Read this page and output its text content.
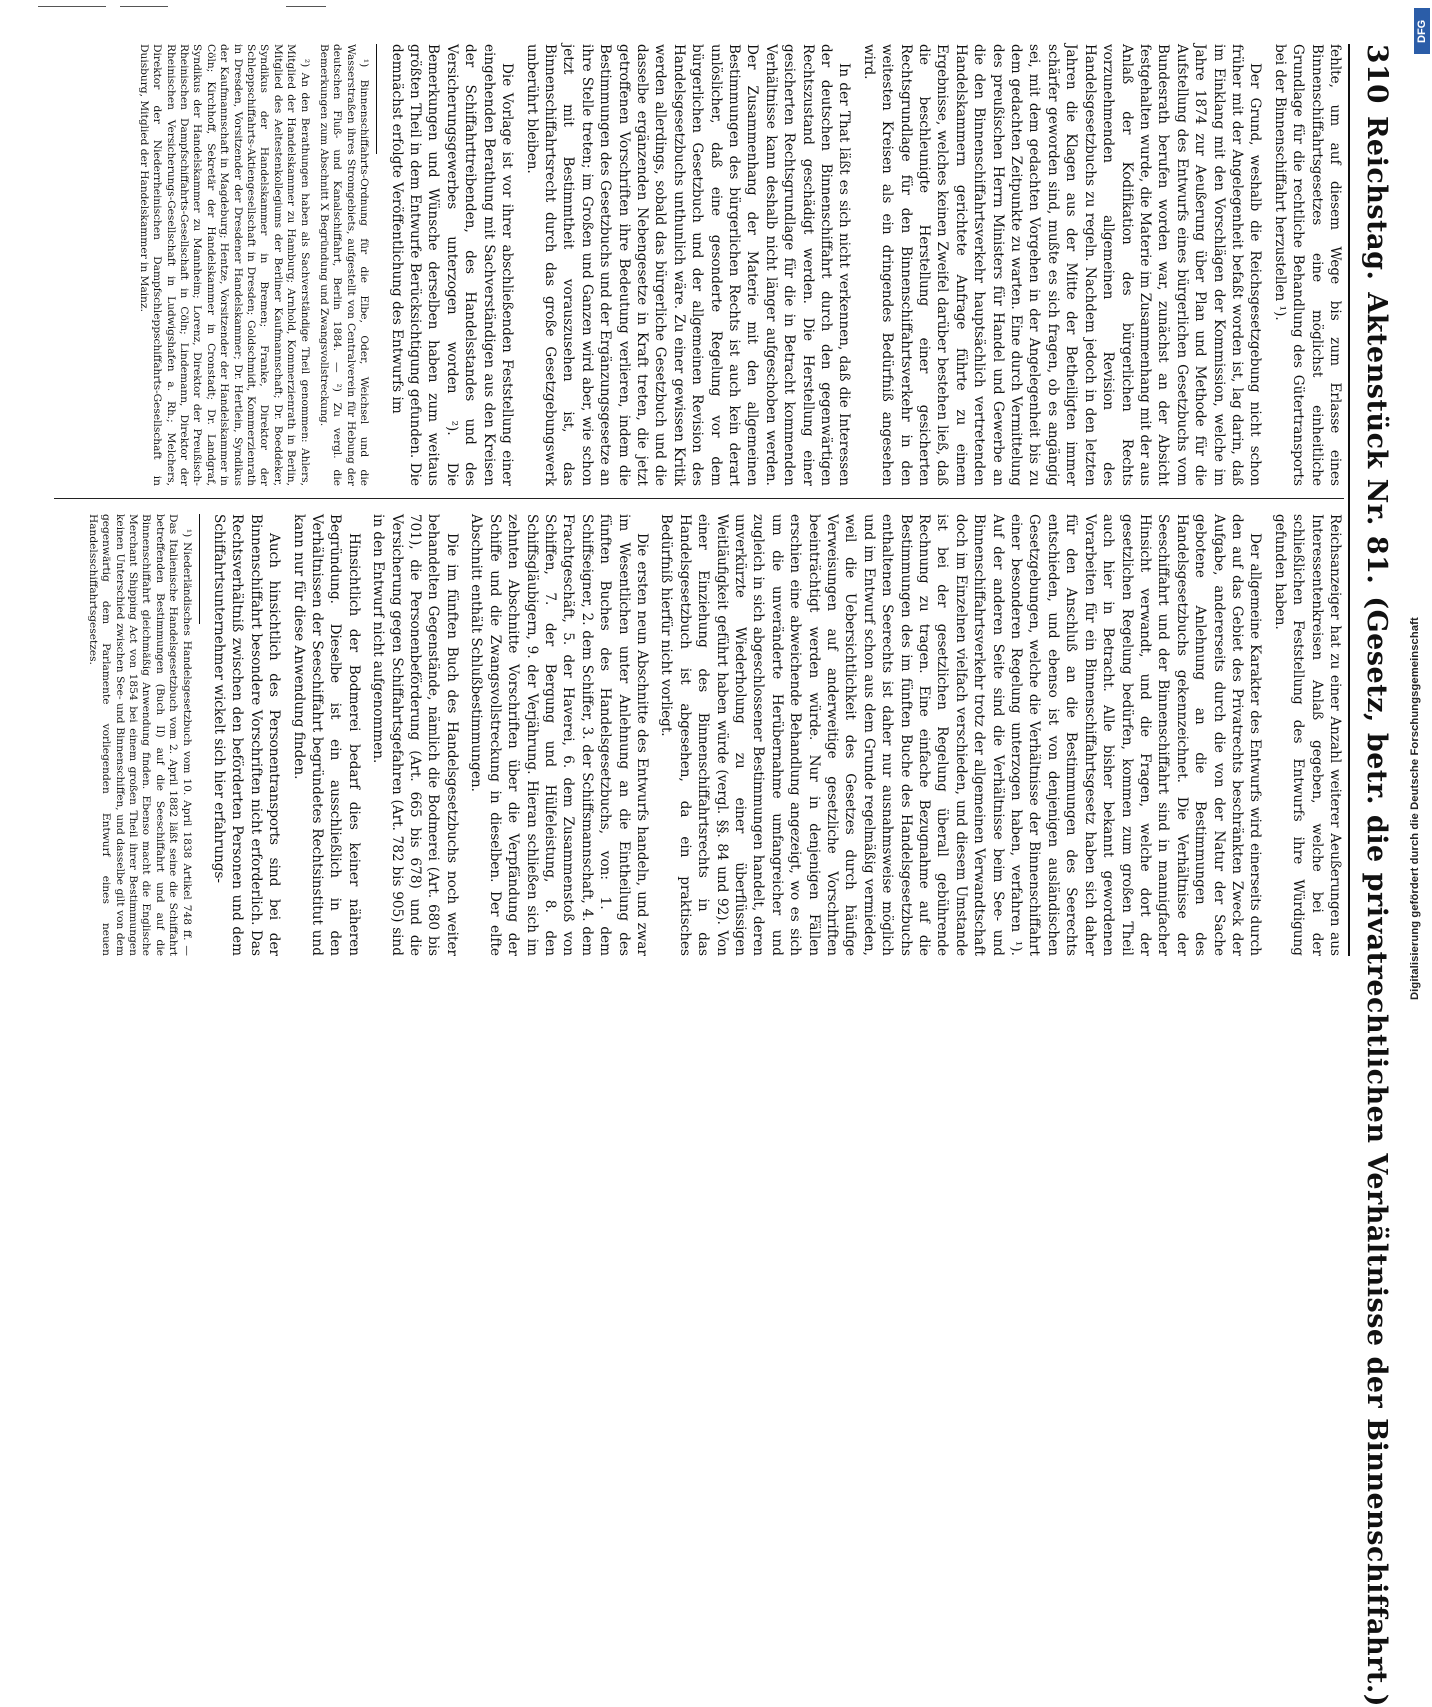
310
Reichstag.
Aktenstück Nr. 81.
(Gesetz, betr. die privatrechtlichen Verhältnisse der Binnenschiffahrt.)

fehlte, um auf diesem Wege bis zum Erlasse eines Binnenschiffahrtsgesetzes eine möglichst einheitliche Grundlage für die rechtliche Behandlung des Gütertransports bei der Binnenschiffahrt herzustellen ¹).

Der Grund, weshalb die Reichsgesetzgebung nicht schon früher mit der Angelegenheit befaßt worden ist, lag darin, daß im Einklang mit den Vorschlägen der Kommission, welche im Jahre 1874 zur Aeußerung über Plan und Methode für die Aufstellung des Entwurfs eines bürgerlichen Gesetzbuchs vom Bundesrath berufen worden war, zunächst an der Absicht festgehalten wurde, die Materie im Zusammenhang mit der aus Anlaß der Kodifikation des bürgerlichen Rechts vorzunehmenden allgemeinen Revision des Handelsgesetzbuchs zu regeln. Nachdem jedoch in den letzten Jahren die Klagen aus der Mitte der Betheiligten immer schärfer geworden sind, mußte es sich fragen, ob es angängig sei, mit dem gedachten Vorgehen in der Angelegenheit bis zu dem gedachten Zeitpunkte zu warten. Eine durch Vermittelung des preußischen Herrn Ministers für Handel und Gewerbe an die den Binnenschiffahrtsverkehr hauptsächlich vertretenden Handelskammern gerichtete Anfrage führte zu einem Ergebnisse, welches keinen Zweifel darüber bestehen ließ, daß die beschleunigte Herstellung einer gesicherten Rechtsgrundlage für den Binnenschiffahrtsverkehr in den weitesten Kreisen als ein dringendes Bedürfniß angesehen wird.

In der That läßt es sich nicht verkennen, daß die Interessen der deutschen Binnenschiffahrt durch den gegenwärtigen Rechtszustand geschädigt werden. Die Herstellung einer gesicherten Rechtsgrundlage für die in Betracht kommenden Verhältnisse kann deshalb nicht länger aufgeschoben werden. Der Zusammenhang der Materie mit den allgemeinen Bestimmungen des bürgerlichen Rechts ist auch kein derart unlöslicher, daß eine gesonderte Regelung vor dem bürgerlichen Gesetzbuch und der allgemeinen Revision des Handelsgesetzbuchs unthunlich wäre. Zu einer gewissen Kritik werden allerdings, sobald das bürgerliche Gesetzbuch und die dasselbe ergänzenden Nebengesetze in Kraft treten, die jetzt getroffenen Vorschriften ihre Bedeutung verlieren, indem die Bestimmungen des Gesetzbuchs und der Ergänzungsgesetze an ihre Stelle treten; im Großen und Ganzen wird aber, wie schon jetzt mit Bestimmtheit vorauszusehen ist, das Binnenschiffahrtsrecht durch das große Gesetzgebungswerk unberührt bleiben.

Die Vorlage ist vor ihrer abschließenden Feststellung einer eingehenden Berathung mit Sachverständigen aus den Kreisen der Schiffahrttreibenden, des Handelsstandes und des Versicherungsgewerbes unterzogen worden ²). Die Bemerkungen und Wünsche derselben haben zum weitaus größten Theil in dem Entwurfe Berücksichtigung gefunden. Die demnächst erfolgte Veröffentlichung des Entwurfs im

¹) Binnenschiffahrts-Ordnung für die Elbe, Oder, Weichsel und die Wasserstraßen ihres Stromgebiets, aufgestellt von Centralverein für Hebung der deutschen Fluß- und Kanalschiffahrt, Berlin 1884. — ²) Zu vergl. die Bemerkungen zum Abschnitt X Begründung und Zwangsvollstreckung.

²) An den Berathungen haben als Sachverständige Theil genommen: Ahlers, Mitglied der Handelskammer zu Hamburg; Arnhold, Kommerzienrath in Berlin, Mitglied des Aeltestenkollegiums der Berliner Kaufmannschaft; Dr. Boeddeker, Syndikus der Handelskammer in Bremen; Franke, Direktor der Schleppschiffahrts-Aktiengesellschaft in Dresden; Goldschmidt, Kommerzienrath in Dresden, Vorsitzender der Dresdener Handelskammer; Dr. Hertlein, Syndikus der Kaufmannschaft in Magdeburg; Hentze, Vorsitzender der Handelskammer in Cöln; Kirchhoff, Sekretär der Handelskammer in Cronstadt; Dr. Landgraf, Syndikus der Handelskammer zu Mannheim; Lorenz, Direktor der Preußisch-Rheinischen Dampfschiffahrts-Gesellschaft in Cöln; Lindemann, Direktor der Rheinischen Versicherungs-Gesellschaft in Ludwigshafen a. Rh.; Melchers, Direktor der Niederrheinischen Dampfschleppschiffahrts-Gesellschaft in Duisburg, Mitglied der Handelskammer in Mainz.

Reichsanzeiger hat zu einer Anzahl weiterer Aeußerungen aus Interessentenkreisen Anlaß gegeben, welche bei der schließlichen Feststellung des Entwurfs ihre Würdigung gefunden haben.

Der allgemeine Karakter des Entwurfs wird einerseits durch den auf das Gebiet des Privatrechts beschränkten Zweck der Aufgabe, andererseits durch die von der Natur der Sache gebotene Anlehnung an die Bestimmungen des Handelsgesetzbuchs gekennzeichnet. Die Verhältnisse der Seeschiffahrt und der Binnenschiffahrt sind in mannigfacher Hinsicht verwandt, und die Fragen, welche dort der gesetzlichen Regelung bedürfen, kommen zum großen Theil auch hier in Betracht. Alle bisher bekannt gewordenen Vorarbeiten für ein Binnenschiffahrtsgesetz haben sich daher für den Anschluß an die Bestimmungen des Seerechts entschieden, und ebenso ist von denjenigen ausländischen Gesetzgebungen, welche die Verhältnisse der Binnenschiffahrt einer besonderen Regelung unterzogen haben, verfahren ¹). Auf der anderen Seite sind die Verhältnisse beim See- und Binnenschiffahrtsverkehr trotz der allgemeinen Verwandtschaft doch im Einzelnen vielfach verschieden, und diesem Umstande ist bei der gesetzlichen Regelung überall gebührende Rechnung zu tragen. Eine einfache Bezugnahme auf die Bestimmungen des im fünften Buche des Handelsgesetzbuchs enthaltenen Seerechts ist daher nur ausnahmsweise möglich und im Entwurf schon aus dem Grunde regelmäßig vermieden, weil die Uebersichtlichkeit des Gesetzes durch häufige Verweisungen auf anderweitige gesetzliche Vorschriften beeinträchtigt werden würde. Nur in denjenigen Fällen erschien eine abweichende Behandlung angezeigt, wo es sich um die unveränderte Herübernahme umfangreicher und zugleich in sich abgeschlossener Bestimmungen handelt, deren unverkürzte Wiederholung zu einer überflüssigen Weitläufigkeit geführt haben würde (vergl. §§. 84 und 92). Von einer Einziehung des Binnenschiffahrtsrechts in das Handelsgesetzbuch ist abgesehen, da ein praktisches Bedürfniß hierfür nicht vorliegt.

Die ersten neun Abschnitte des Entwurfs handeln, und zwar im Wesentlichen unter Anlehnung an die Eintheilung des fünften Buches des Handelsgesetzbuchs, von: 1. dem Schiffseigner, 2. dem Schiffer, 3. der Schiffsmannschaft, 4. dem Frachtgeschäft, 5. der Haverei, 6. dem Zusammenstoß von Schiffen, 7. der Bergung und Hülfeleistung, 8. den Schiffsgläubigern, 9. der Verjährung. Hieran schließen sich im zehnten Abschnitte Vorschriften über die Verpfändung der Schiffe und die Zwangsvollstreckung in dieselben. Der elfte Abschnitt enthält Schlußbestimmungen.

Die im fünften Buch des Handelsgesetzbuchs noch weiter behandelten Gegenstände, nämlich die Bodmerei (Art. 680 bis 701), die Personenbeförderung (Art. 665 bis 678) und die Versicherung gegen Schiffahrtsgefahren (Art. 782 bis 905) sind in den Entwurf nicht aufgenommen.

Hinsichtlich der Bodmerei bedarf dies keiner näheren Begründung. Dieselbe ist ein ausschließlich in den Verhältnissen der Seeschiffahrt begründetes Rechtsinstitut und kann nur für diese Anwendung finden.

Auch hinsichtlich des Personentransports sind bei der Binnenschiffahrt besondere Vorschriften nicht erforderlich. Das Rechtsverhältniß zwischen den beförderten Personen und dem Schiffahrtsunternehmer wickelt sich hier erfahrungs-

¹) Niederländisches Handelsgesetzbuch vom 10. April 1838 Artikel 748 ff. — Das Italienische Handelsgesetzbuch vom 2. April 1882 läßt seine die Schiffahrt betreffenden Bestimmungen (Buch II) auf die Seeschiffahrt und auf die Binnenschiffahrt gleichmäßig Anwendung finden. Ebenso macht die Englische Merchant Shipping Act von 1854 bei einem großen Theil ihrer Bestimmungen keinen Unterschied zwischen See- und Binnenschiffen, und dasselbe gilt von dem gegenwärtig dem Parlamente vorliegenden Entwurf eines neuen Handelsschiffahrtsgesetzes.

Digitalisierung gefördert durch die Deutsche Forschungsgemeinschaft
DFG
